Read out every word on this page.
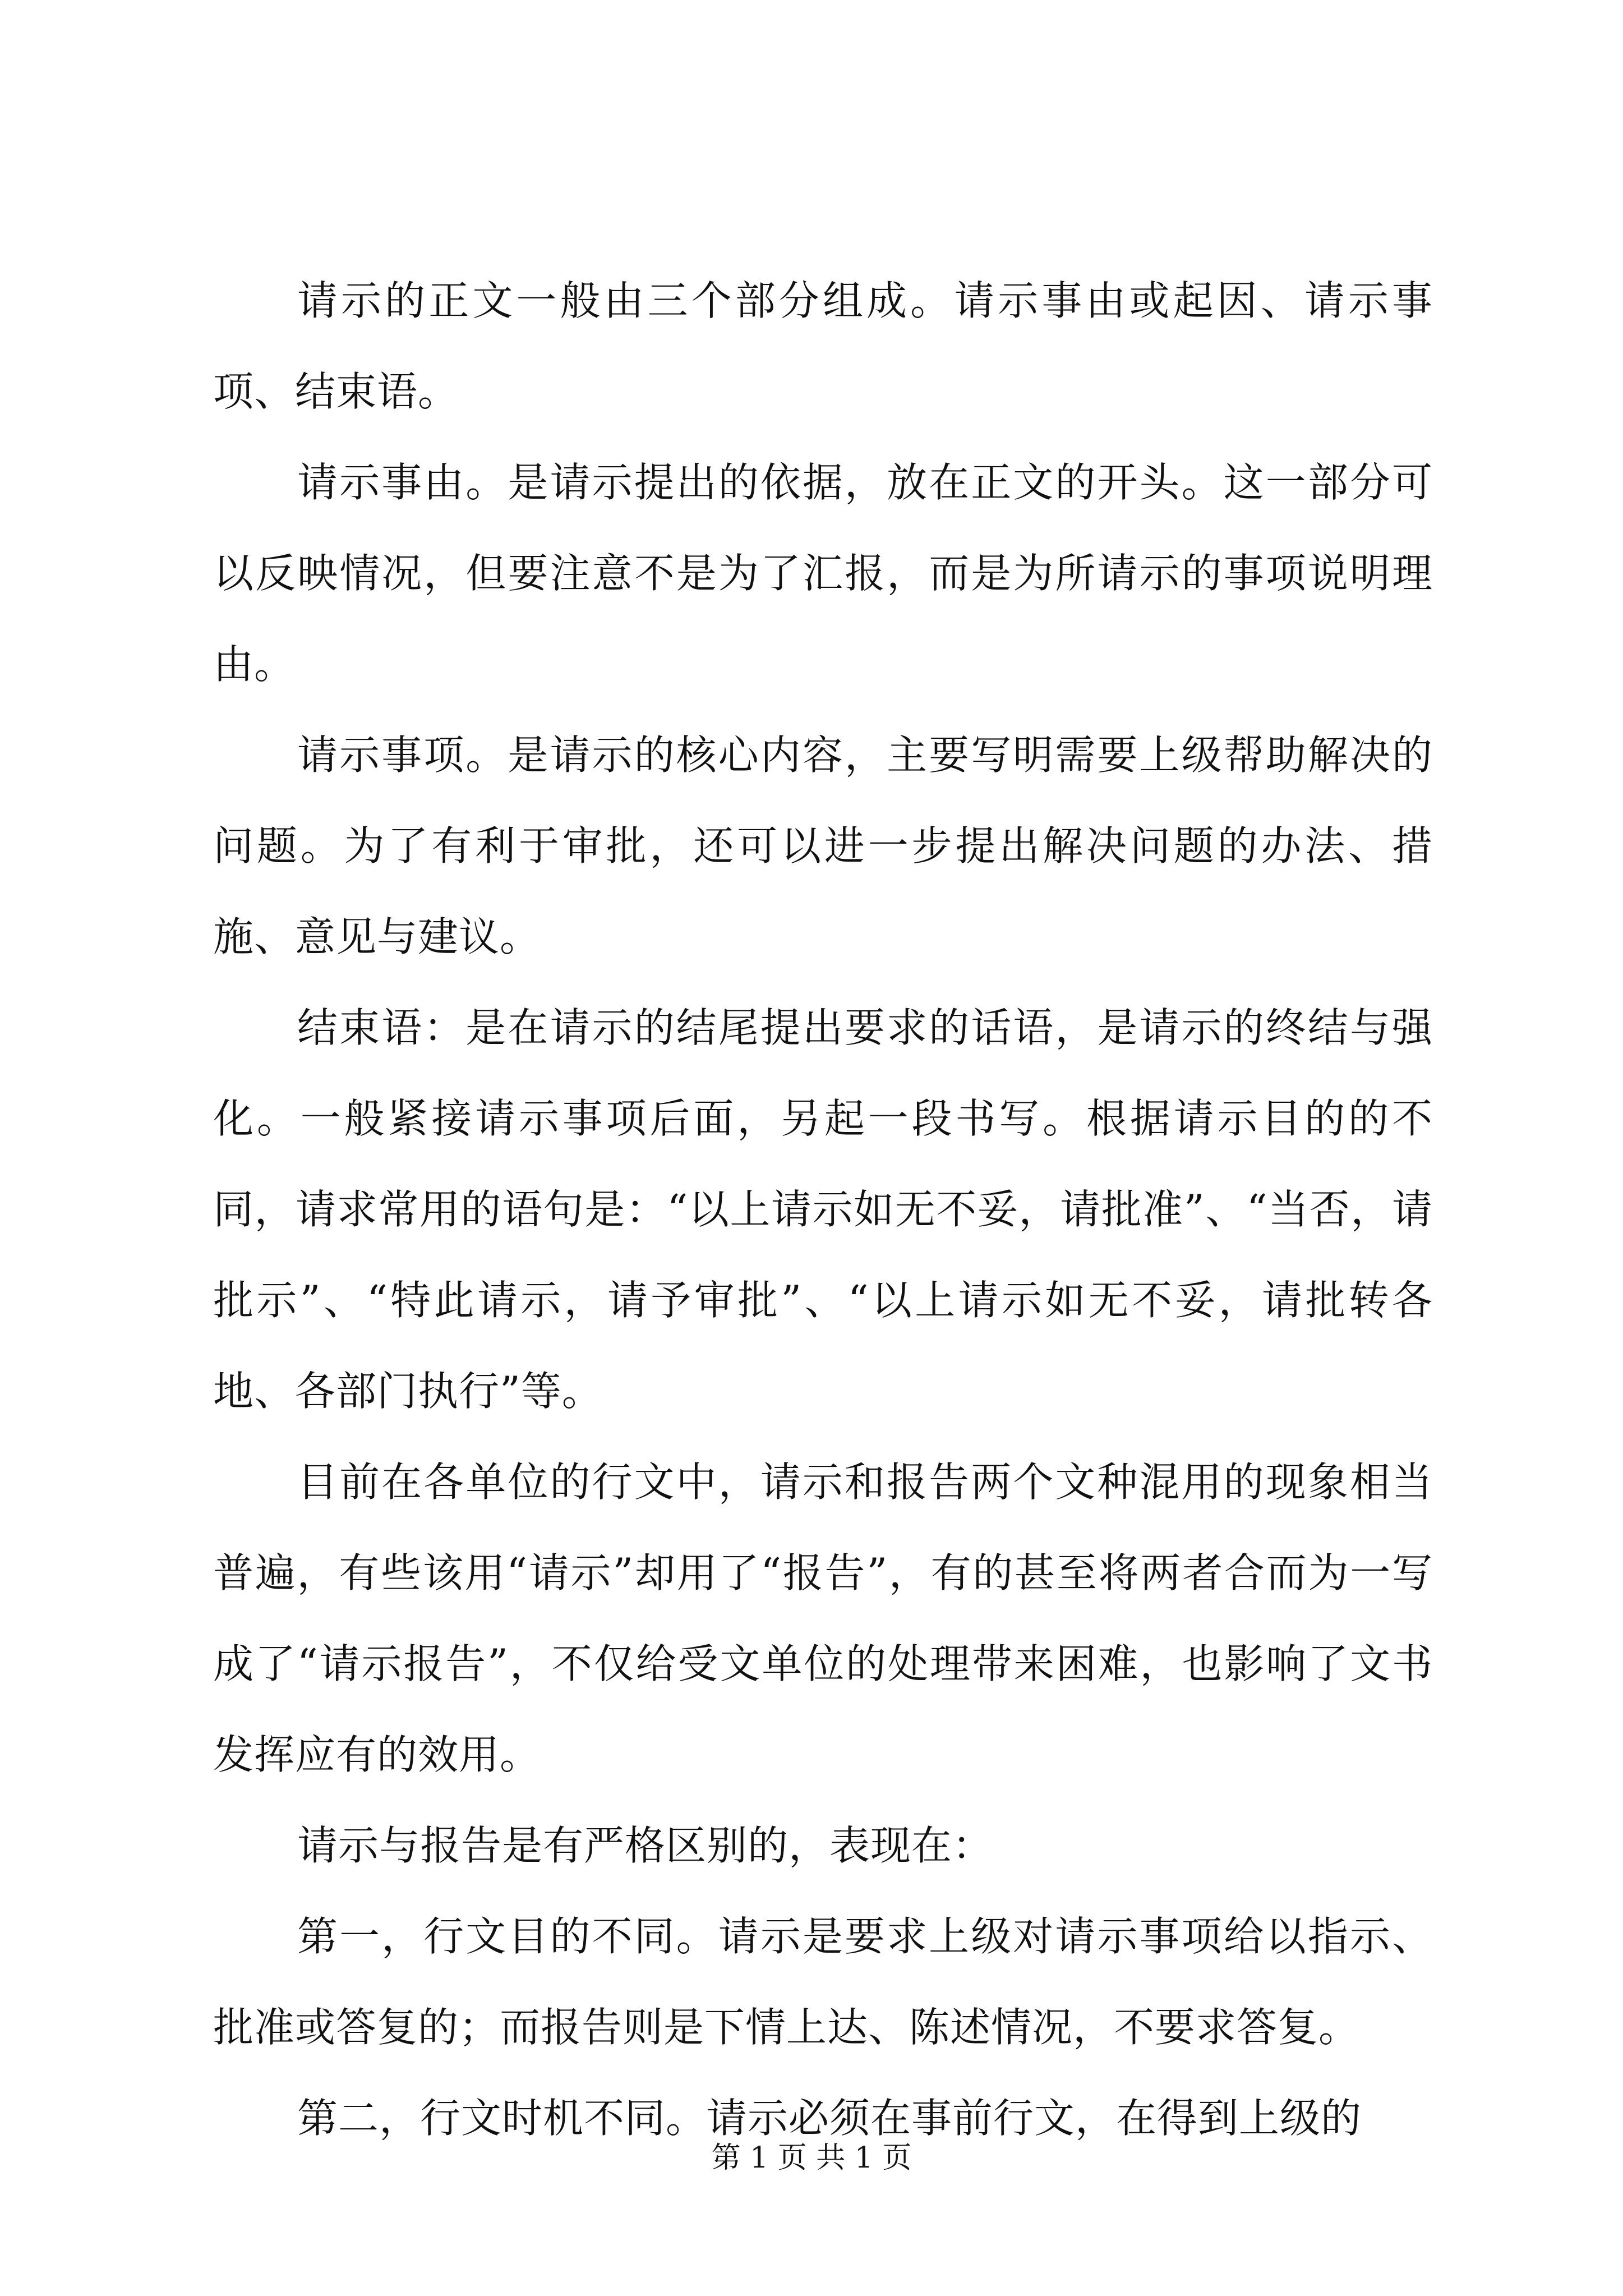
请示的正文一般由三个部分组成。请示事由或起因、请示事项、结束语。

请示事由。是请示提出的依据，放在正文的开头。这一部分可以反映情况，但要注意不是为了汇报，而是为所请示的事项说明理由。

请示事项。是请示的核心内容，主要写明需要上级帮助解决的问题。为了有利于审批，还可以进一步提出解决问题的办法、措施、意见与建议。

结束语：是在请示的结尾提出要求的话语，是请示的终结与强化。一般紧接请示事项后面，另起一段书写。根据请示目的的不同，请求常用的语句是：“以上请示如无不妥，请批准”、“当否，请批示”、“特此请示，请予审批”、“以上请示如无不妥，请批转各地、各部门执行”等。

目前在各单位的行文中，请示和报告两个文种混用的现象相当普遍，有些该用“请示”却用了“报告”，有的甚至将两者合而为一写成了“请示报告”，不仅给受文单位的处理带来困难，也影响了文书发挥应有的效用。

请示与报告是有严格区别的，表现在：

第一，行文目的不同。请示是要求上级对请示事项给以指示、批准或答复的；而报告则是下情上达、陈述情况，不要求答复。

第二，行文时机不同。请示必须在事前行文，在得到上级的

第 1 页 共 1 页
